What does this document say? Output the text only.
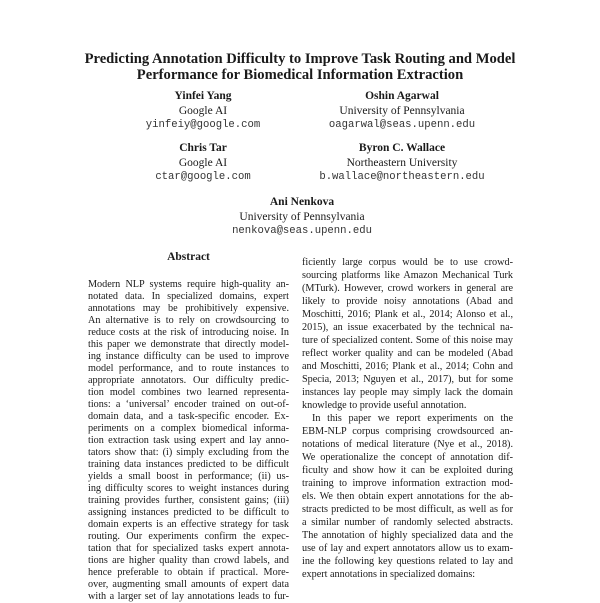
Predicting Annotation Difficulty to Improve Task Routing and Model
Performance for Biomedical Information Extraction
Yinfei Yang
Google AI
yinfeiy@google.com
Oshin Agarwal
University of Pennsylvania
oagarwal@seas.upenn.edu
Chris Tar
Google AI
ctar@google.com
Byron C. Wallace
Northeastern University
b.wallace@northeastern.edu
Ani Nenkova
University of Pennsylvania
nenkova@seas.upenn.edu
Abstract
Modern NLP systems require high-quality an-
notated data. In specialized domains, expert
annotations may be prohibitively expensive.
An alternative is to rely on crowdsourcing to
reduce costs at the risk of introducing noise. In
this paper we demonstrate that directly model-
ing instance difficulty can be used to improve
model performance, and to route instances to
appropriate annotators. Our difficulty predic-
tion model combines two learned representa-
tions: a ‘universal’ encoder trained on out-of-
domain data, and a task-specific encoder. Ex-
periments on a complex biomedical informa-
tion extraction task using expert and lay anno-
tators show that: (i) simply excluding from the
training data instances predicted to be difficult
yields a small boost in performance; (ii) us-
ing difficulty scores to weight instances during
training provides further, consistent gains; (iii)
assigning instances predicted to be difficult to
domain experts is an effective strategy for task
routing. Our experiments confirm the expec-
tation that for specialized tasks expert annota-
tions are higher quality than crowd labels, and
hence preferable to obtain if practical. More-
over, augmenting small amounts of expert data
with a larger set of lay annotations leads to fur-
ficiently large corpus would be to use crowd-
sourcing platforms like Amazon Mechanical Turk
(MTurk). However, crowd workers in general are
likely to provide noisy annotations (Abad and
Moschitti, 2016; Plank et al., 2014; Alonso et al.,
2015), an issue exacerbated by the technical na-
ture of specialized content. Some of this noise may
reflect worker quality and can be modeled (Abad
and Moschitti, 2016; Plank et al., 2014; Cohn and
Specia, 2013; Nguyen et al., 2017), but for some
instances lay people may simply lack the domain
knowledge to provide useful annotation.
In this paper we report experiments on the
EBM-NLP corpus comprising crowdsourced an-
notations of medical literature (Nye et al., 2018).
We operationalize the concept of annotation dif-
ficulty and show how it can be exploited during
training to improve information extraction mod-
els. We then obtain expert annotations for the ab-
stracts predicted to be most difficult, as well as for
a similar number of randomly selected abstracts.
The annotation of highly specialized data and the
use of lay and expert annotators allow us to exam-
ine the following key questions related to lay and
expert annotations in specialized domains:
